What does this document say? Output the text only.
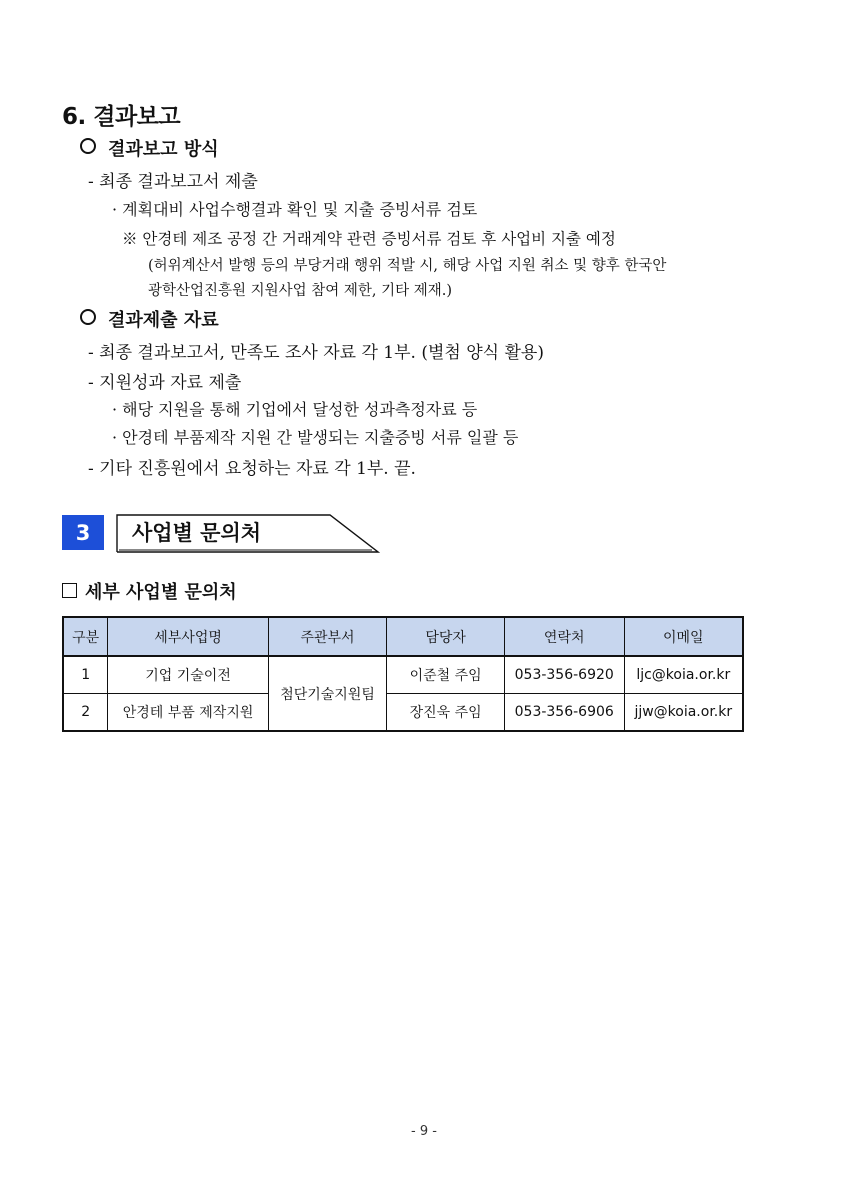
6. 결과보고
결과보고 방식
- 최종 결과보고서 제출
· 계획대비 사업수행결과 확인 및 지출 증빙서류 검토
※ 안경테 제조 공정 간 거래계약 관련 증빙서류 검토 후 사업비 지출 예정
(허위계산서 발행 등의 부당거래 행위 적발 시, 해당 사업 지원 취소 및 향후 한국안
광학산업진흥원 지원사업 참여 제한, 기타 제재.)
결과제출 자료
- 최종 결과보고서, 만족도 조사 자료 각 1부. (별첨 양식 활용)
- 지원성과 자료 제출
· 해당 지원을 통해 기업에서 달성한 성과측정자료 등
· 안경테 부품제작 지원 간 발생되는 지출증빙 서류 일괄 등
- 기타 진흥원에서 요청하는 자료 각 1부. 끝.
3	사업별 문의처
세부 사업별 문의처
구분	세부사업명	주관부서	담당자	연락처	이메일
1	기업 기술이전	첨단기술지원팀	이준철 주임	053-356-6920	ljc@koia.or.kr
2	안경테 부품 제작지원		장진욱 주임	053-356-6906	jjw@koia.or.kr
- 9 -
